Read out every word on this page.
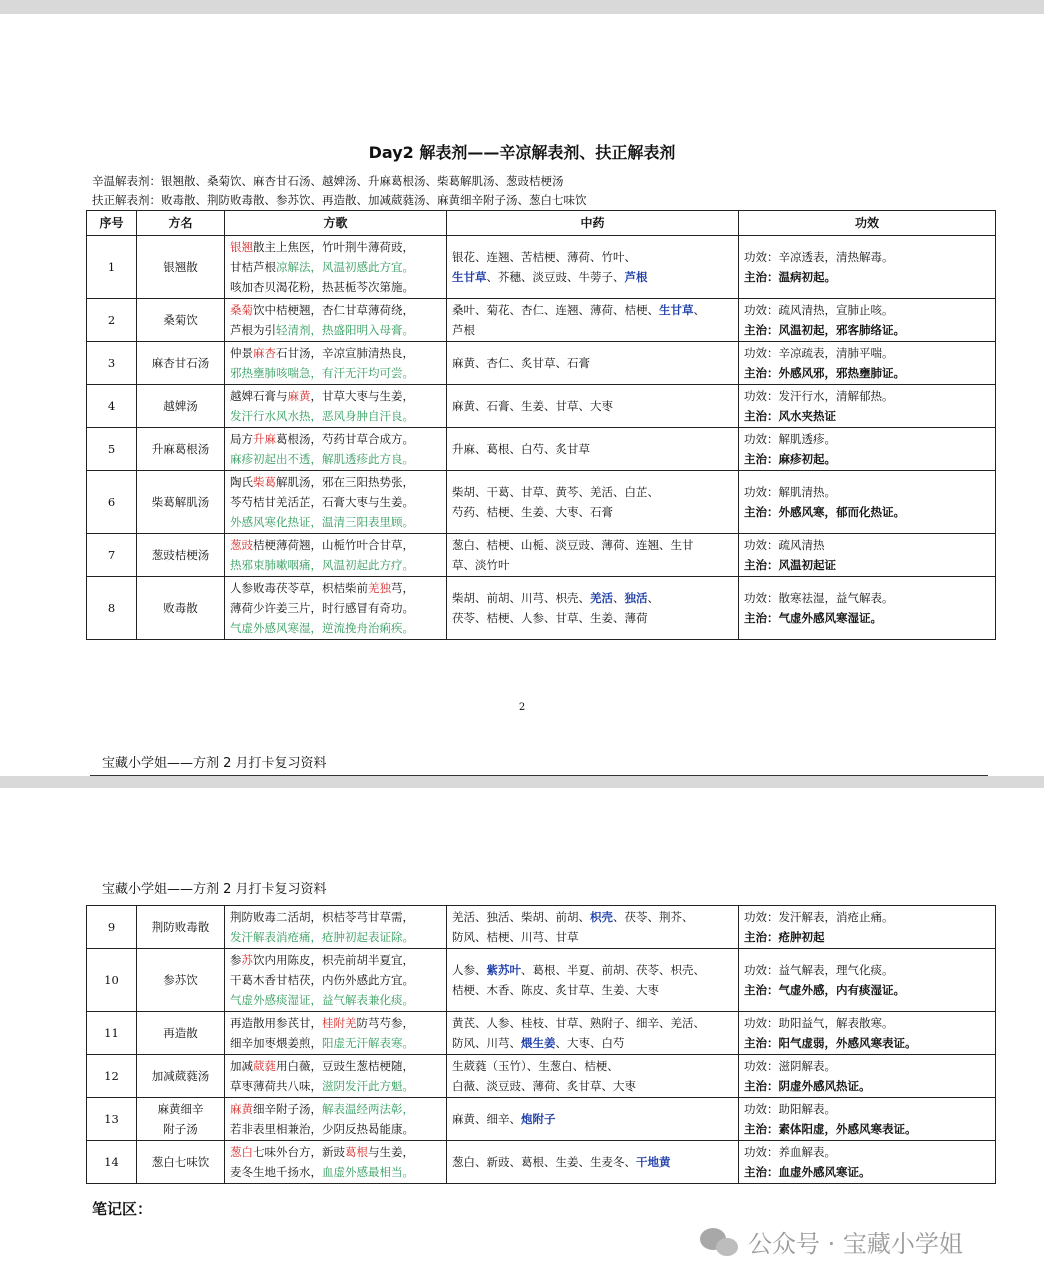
Day2 解表剂——辛凉解表剂、扶正解表剂
辛温解表剂：银翘散、桑菊饮、麻杏甘石汤、越婢汤、升麻葛根汤、柴葛解肌汤、葱豉桔梗汤
扶正解表剂：败毒散、荆防败毒散、参苏饮、再造散、加减葳蕤汤、麻黄细辛附子汤、葱白七味饮
序号	方名	方歌	中药	功效
1	银翘散	银翘散主上焦医，竹叶荆牛薄荷豉，
甘桔芦根凉解法，风温初感此方宜。
咳加杏贝渴花粉，热甚栀芩次第施。	银花、连翘、苦桔梗、薄荷、竹叶、
生甘草、芥穗、淡豆豉、牛蒡子、芦根	功效：辛凉透表，清热解毒。
主治：温病初起。

2	桑菊饮	桑菊饮中桔梗翘，杏仁甘草薄荷绕，
芦根为引轻清剂，热盛阳明入母膏。	桑叶、菊花、杏仁、连翘、薄荷、桔梗、生甘草、
芦根	功效：疏风清热，宣肺止咳。
主治：风温初起，邪客肺络证。

3	麻杏甘石汤	仲景麻杏石甘汤，辛凉宣肺清热良，
邪热壅肺咳喘急，有汗无汗均可尝。	麻黄、杏仁、炙甘草、石膏	功效：辛凉疏表，清肺平喘。
主治：外感风邪，邪热壅肺证。

4	越婢汤	越婢石膏与麻黄，甘草大枣与生姜，
发汗行水风水热，恶风身肿自汗良。	麻黄、石膏、生姜、甘草、大枣	功效：发汗行水，清解郁热。
主治：风水夹热证

5	升麻葛根汤	局方升麻葛根汤，芍药甘草合成方。
麻疹初起出不透，解肌透疹此方良。	升麻、葛根、白芍、炙甘草	功效：解肌透疹。
主治：麻疹初起。

6	柴葛解肌汤	陶氏柴葛解肌汤，邪在三阳热势张，
芩芍桔甘羌活芷，石膏大枣与生姜。
外感风寒化热证，温清三阳表里顾。	柴胡、干葛、甘草、黄芩、羌活、白芷、
芍药、桔梗、生姜、大枣、石膏	功效：解肌清热。
主治：外感风寒，郁而化热证。

7	葱豉桔梗汤	葱豉桔梗薄荷翘，山栀竹叶合甘草，
热邪束肺嗽咽痛，风温初起此方疗。	葱白、桔梗、山栀、淡豆豉、薄荷、连翘、生甘
草、淡竹叶	功效：疏风清热
主治：风温初起证

8	败毒散	人参败毒茯苓草，枳桔柴前羌独芎，
薄荷少许姜三片，时行感冒有奇功。
气虚外感风寒湿，逆流挽舟治痢疾。	柴胡、前胡、川芎、枳壳、羌活、独活、
茯苓、桔梗、人参、甘草、生姜、薄荷	功效：散寒祛湿，益气解表。
主治：气虚外感风寒湿证。
2
宝藏小学姐——方剂 2 月打卡复习资料
宝藏小学姐——方剂 2 月打卡复习资料
9	荆防败毒散	荆防败毒二活胡，枳桔苓芎甘草需，
发汗解表消疮痛，疮肿初起表证除。	羌活、独活、柴胡、前胡、枳壳、茯苓、荆芥、
防风、桔梗、川芎、甘草	功效：发汗解表，消疮止痛。
主治：疮肿初起

10	参苏饮	参苏饮内用陈皮，枳壳前胡半夏宜，
干葛木香甘桔茯，内伤外感此方宜。
气虚外感痰湿证，益气解表兼化痰。	人参、紫苏叶、葛根、半夏、前胡、茯苓、枳壳、
桔梗、木香、陈皮、炙甘草、生姜、大枣	功效：益气解表，理气化痰。
主治：气虚外感，内有痰湿证。

11	再造散	再造散用参芪甘，桂附羌防芎芍参，
细辛加枣煨姜煎，阳虚无汗解表寒。	黄芪、人参、桂枝、甘草、熟附子、细辛、羌活、
防风、川芎、煨生姜、大枣、白芍	功效：助阳益气，解表散寒。
主治：阳气虚弱，外感风寒表证。

12	加减葳蕤汤	加减葳蕤用白薇，豆豉生葱桔梗随，
草枣薄荷共八味，滋阴发汗此方魁。	生葳蕤（玉竹）、生葱白、桔梗、
白薇、淡豆豉、薄荷、炙甘草、大枣	功效：滋阴解表。
主治：阴虚外感风热证。

13	麻黄细辛
附子汤	麻黄细辛附子汤，解表温经两法彰，
若非表里相兼治，少阴反热曷能康。	麻黄、细辛、炮附子	功效：助阳解表。
主治：素体阳虚，外感风寒表证。

14	葱白七味饮	葱白七味外台方，新豉葛根与生姜，
麦冬生地千扬水，血虚外感最相当。	葱白、新豉、葛根、生姜、生麦冬、干地黄	功效：养血解表。
主治：血虚外感风寒证。
笔记区：
公众号 · 宝藏小学姐
